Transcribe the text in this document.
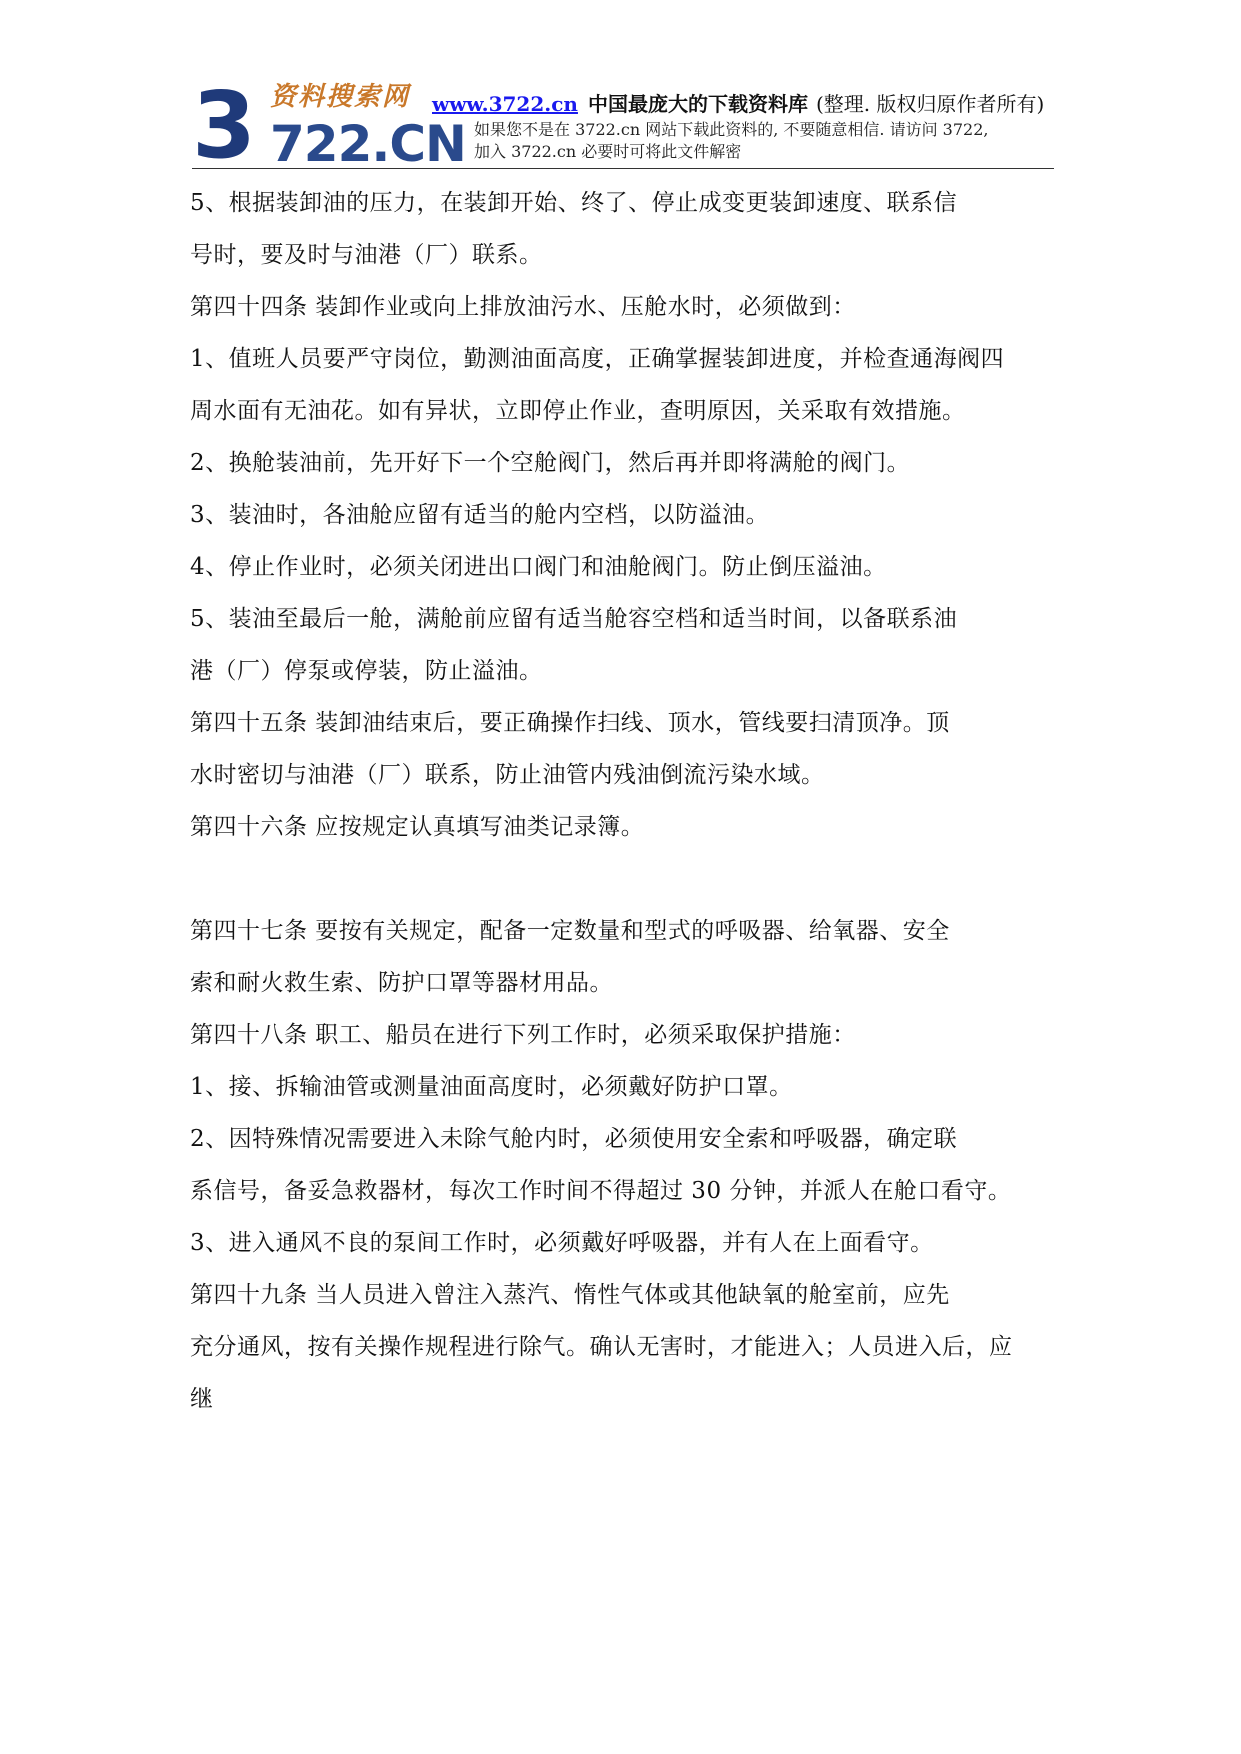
3 资料搜索网
722.CN
www.3722.cn 中国最庞大的下载资料库 (整理. 版权归原作者所有)
如果您不是在 3722.cn 网站下载此资料的, 不要随意相信. 请访问 3722,
加入 3722.cn 必要时可将此文件解密
5、根据装卸油的压力，在装卸开始、终了、停止成变更装卸速度、联系信
号时，要及时与油港（厂）联系。
第四十四条 装卸作业或向上排放油污水、压舱水时，必须做到：
1、值班人员要严守岗位，勤测油面高度，正确掌握装卸进度，并检查通海阀四
周水面有无油花。如有异状，立即停止作业，查明原因，关采取有效措施。
2、换舱装油前，先开好下一个空舱阀门，然后再并即将满舱的阀门。
3、装油时，各油舱应留有适当的舱内空档，以防溢油。
4、停止作业时，必须关闭进出口阀门和油舱阀门。防止倒压溢油。
5、装油至最后一舱，满舱前应留有适当舱容空档和适当时间，以备联系油
港（厂）停泵或停装，防止溢油。
第四十五条 装卸油结束后，要正确操作扫线、顶水，管线要扫清顶净。顶
水时密切与油港（厂）联系，防止油管内残油倒流污染水域。
第四十六条 应按规定认真填写油类记录簿。
第四十七条 要按有关规定，配备一定数量和型式的呼吸器、给氧器、安全
索和耐火救生索、防护口罩等器材用品。
第四十八条 职工、船员在进行下列工作时，必须采取保护措施：
1、接、拆输油管或测量油面高度时，必须戴好防护口罩。
2、因特殊情况需要进入未除气舱内时，必须使用安全索和呼吸器，确定联
系信号，备妥急救器材，每次工作时间不得超过 30 分钟，并派人在舱口看守。
3、进入通风不良的泵间工作时，必须戴好呼吸器，并有人在上面看守。
第四十九条 当人员进入曾注入蒸汽、惰性气体或其他缺氧的舱室前，应先
充分通风，按有关操作规程进行除气。确认无害时，才能进入；人员进入后，应
继
